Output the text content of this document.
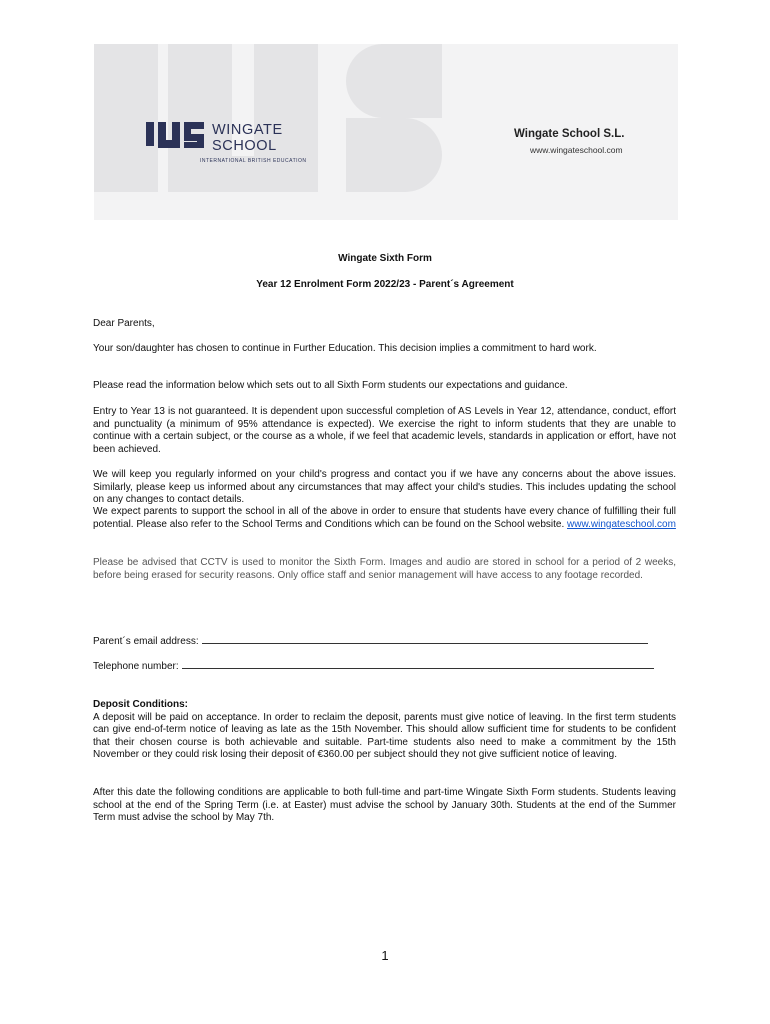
WINGATE
SCHOOL
INTERNATIONAL BRITISH EDUCATION
Wingate School S.L.
www.wingateschool.com
Wingate Sixth Form
Year 12 Enrolment Form 2022/23 - Parent´s Agreement

Dear Parents,

Your son/daughter has chosen to continue in Further Education. This decision implies a commitment to hard work.

Please read the information below which sets out to all Sixth Form students our expectations and guidance.

Entry to Year 13 is not guaranteed. It is dependent upon successful completion of AS Levels in Year 12, attendance, conduct, effort and punctuality (a minimum of 95% attendance is expected). We exercise the right to inform students that they are unable to continue with a certain subject, or the course as a whole, if we feel that academic levels, standards in application or effort, have not been achieved.

We will keep you regularly informed on your child's progress and contact you if we have any concerns about the above issues. Similarly, please keep us informed about any circumstances that may affect your child's studies. This includes updating the school on any changes to contact details.

We expect parents to support the school in all of the above in order to ensure that students have every chance of fulfilling their full potential. Please also refer to the School Terms and Conditions which can be found on the School website. www.wingateschool.com

Please be advised that CCTV is used to monitor the Sixth Form. Images and audio are stored in school for a period of 2 weeks, before being erased for security reasons. Only office staff and senior management will have access to any footage recorded.

Parent´s email address:
Telephone number:

Deposit Conditions:
A deposit will be paid on acceptance. In order to reclaim the deposit, parents must give notice of leaving. In the first term students can give end-of-term notice of leaving as late as the 15th November. This should allow sufficient time for students to be confident that their chosen course is both achievable and suitable. Part-time students also need to make a commitment by the 15th November or they could risk losing their deposit of €360.00 per subject should they not give sufficient notice of leaving.

After this date the following conditions are applicable to both full-time and part-time Wingate Sixth Form students. Students leaving school at the end of the Spring Term (i.e. at Easter) must advise the school by January 30th. Students at the end of the Summer Term must advise the school by May 7th.

1
